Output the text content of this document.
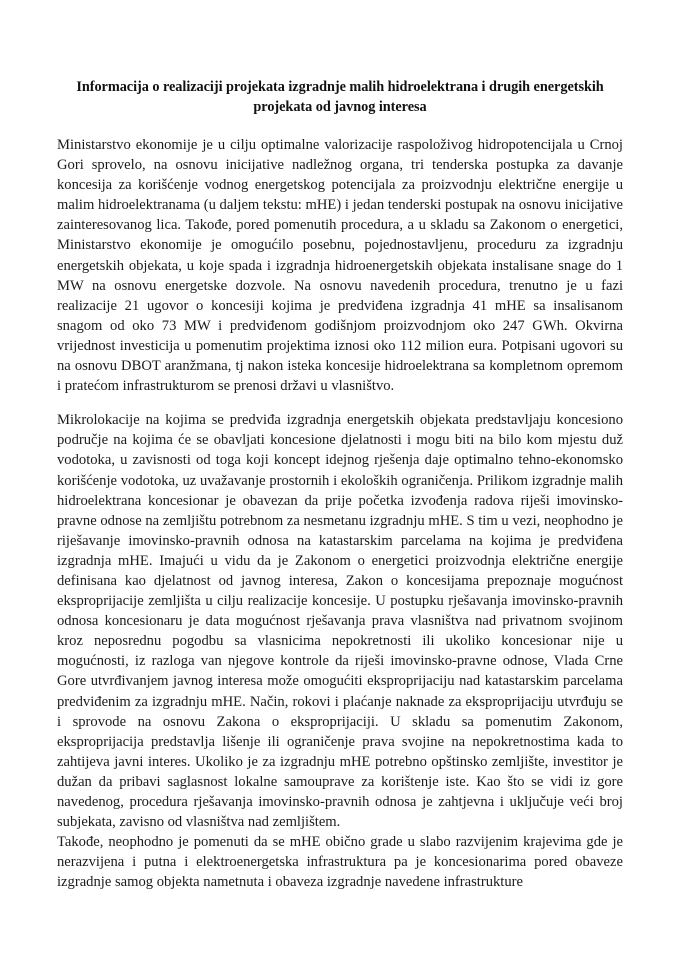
Informacija o realizaciji projekata izgradnje malih hidroelektrana i drugih energetskih projekata od javnog interesa

Ministarstvo ekonomije je u cilju optimalne valorizacije raspoloživog hidropotencijala u Crnoj Gori sprovelo, na osnovu inicijative nadležnog organa, tri tenderska postupka za davanje koncesija za korišćenje vodnog energetskog potencijala za proizvodnju električne energije u malim hidroelektranama (u daljem tekstu: mHE) i jedan tenderski postupak na osnovu inicijative zainteresovanog lica. Takođe, pored pomenutih procedura, a u skladu sa Zakonom o energetici, Ministarstvo ekonomije je omogućilo posebnu, pojednostavljenu, proceduru za izgradnju energetskih objekata, u koje spada i izgradnja hidroenergetskih objekata instalisane snage do 1 MW na osnovu energetske dozvole. Na osnovu navedenih procedura, trenutno je u fazi realizacije 21 ugovor o koncesiji kojima je predviđena izgradnja 41 mHE sa insalisanom snagom od oko 73 MW i predviđenom godišnjom proizvodnjom oko 247 GWh. Okvirna vrijednost investicija u pomenutim projektima iznosi oko 112 milion eura. Potpisani ugovori su na osnovu DBOT aranžmana, tj nakon isteka koncesije hidroelektrana sa kompletnom opremom i pratećom infrastrukturom se prenosi državi u vlasništvo.

Mikrolokacije na kojima se predviđa izgradnja energetskih objekata predstavljaju koncesiono područje na kojima će se obavljati koncesione djelatnosti i mogu biti na bilo kom mjestu duž vodotoka, u zavisnosti od toga koji koncept idejnog rješenja daje optimalno tehno-ekonomsko korišćenje vodotoka, uz uvažavanje prostornih i ekoloških ograničenja. Prilikom izgradnje malih hidroelektrana koncesionar je obavezan da prije početka izvođenja radova riješi imovinsko-pravne odnose na zemljištu potrebnom za nesmetanu izgradnju mHE. S tim u vezi, neophodno je riješavanje imovinsko-pravnih odnosa na katastarskim parcelama na kojima je predviđena izgradnja mHE. Imajući u vidu da je Zakonom o energetici proizvodnja električne energije definisana kao djelatnost od javnog interesa, Zakon o koncesijama prepoznaje mogućnost eksproprijacije zemljišta u cilju realizacije koncesije. U postupku rješavanja imovinsko-pravnih odnosa koncesionaru je data mogućnost rješavanja prava vlasništva nad privatnom svojinom kroz neposrednu pogodbu sa vlasnicima nepokretnosti ili ukoliko koncesionar nije u mogućnosti, iz razloga van njegove kontrole da riješi imovinsko-pravne odnose, Vlada Crne Gore utvrđivanjem javnog interesa može omogućiti eksproprijaciju nad katastarskim parcelama predviđenim za izgradnju mHE. Način, rokovi i plaćanje naknade za eksproprijaciju utvrđuju se i sprovode na osnovu Zakona o eksproprijaciji. U skladu sa pomenutim Zakonom, eksproprijacija predstavlja lišenje ili ograničenje prava svojine na nepokretnostima kada to zahtijeva javni interes. Ukoliko je za izgradnju mHE potrebno opštinsko zemljište, investitor je dužan da pribavi saglasnost lokalne samouprave za korištenje iste. Kao što se vidi iz gore navedenog, procedura rješavanja imovinsko-pravnih odnosa je zahtjevna i uključuje veći broj subjekata, zavisno od vlasništva nad zemljištem.

Takođe, neophodno je pomenuti da se mHE obično grade u slabo razvijenim krajevima gde je nerazvijena i putna i elektroenergetska infrastruktura pa je koncesionarima pored obaveze izgradnje samog objekta nametnuta i obaveza izgradnje navedene infrastrukture
